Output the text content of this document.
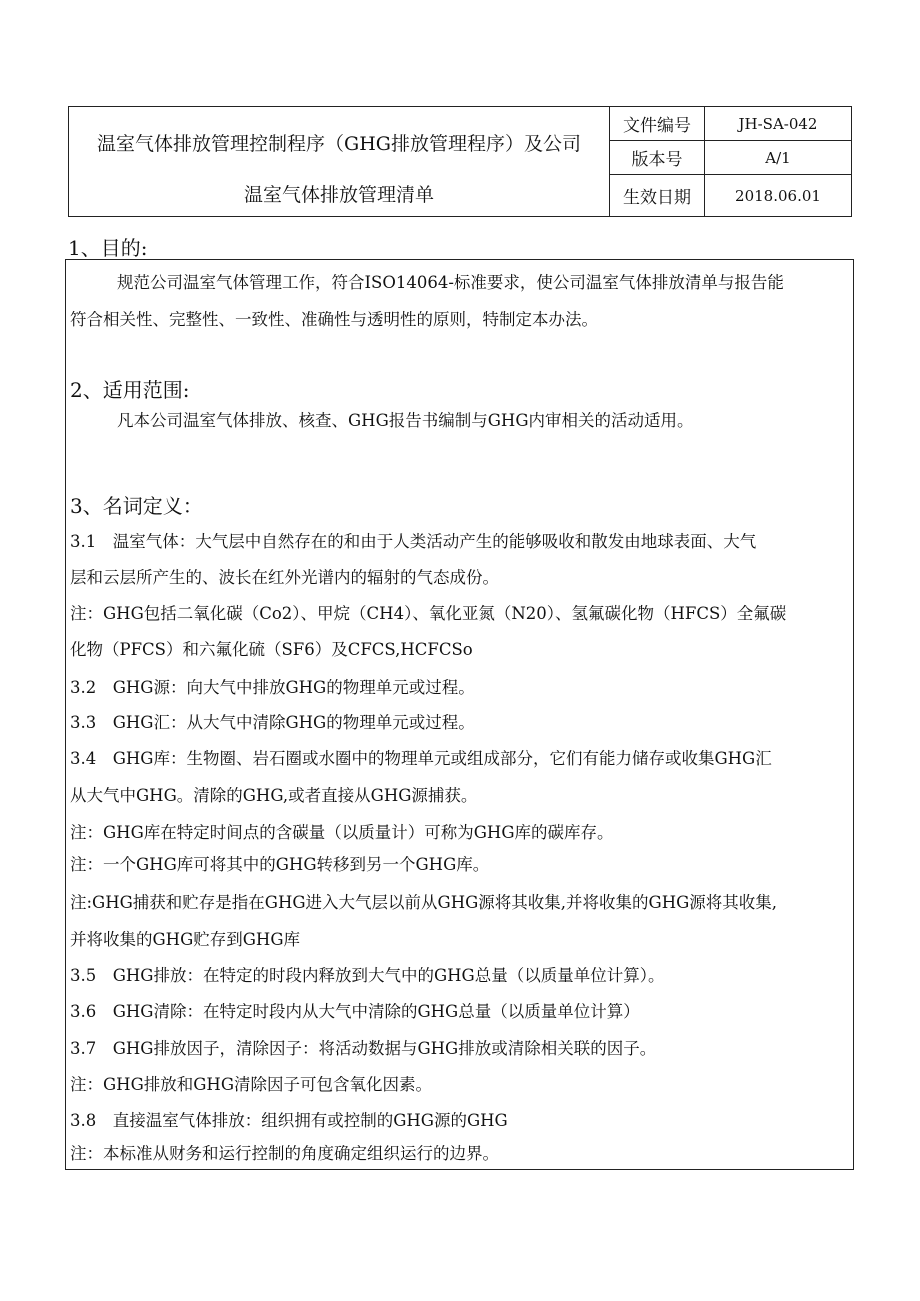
温室气体排放管理控制程序（GHG排放管理程序）及公司
温室气体排放管理清单
文件编号	JH-SA-042
版本号	A/1
生效日期	2018.06.01
1、目的:
规范公司温室气体管理工作，符合ISO14064-标准要求，使公司温室气体排放清单与报告能
符合相关性、完整性、一致性、准确性与透明性的原则，特制定本办法。
2、适用范围:
凡本公司温室气体排放、核查、GHG报告书编制与GHG内审相关的活动适用。
3、名词定义：
3.1　温室气体：大气层中自然存在的和由于人类活动产生的能够吸收和散发由地球表面、大气
层和云层所产生的、波长在红外光谱内的辐射的气态成份。
注：GHG包括二氧化碳（Co2）、甲烷（CH4）、氧化亚氮（N20）、氢氟碳化物（HFCS）全氟碳
化物（PFCS）和六氟化硫（SF6）及CFCS,HCFCSo
3.2　GHG源：向大气中排放GHG的物理单元或过程。
3.3　GHG汇：从大气中清除GHG的物理单元或过程。
3.4　GHG库：生物圈、岩石圈或水圈中的物理单元或组成部分，它们有能力储存或收集GHG汇
从大气中GHG。清除的GHG,或者直接从GHG源捕获。
注：GHG库在特定时间点的含碳量（以质量计）可称为GHG库的碳库存。
注：一个GHG库可将其中的GHG转移到另一个GHG库。
注:GHG捕获和贮存是指在GHG进入大气层以前从GHG源将其收集,并将收集的GHG源将其收集,
并将收集的GHG贮存到GHG库
3.5　GHG排放：在特定的时段内释放到大气中的GHG总量（以质量单位计算）。
3.6　GHG清除：在特定时段内从大气中清除的GHG总量（以质量单位计算）
3.7　GHG排放因子，清除因子：将活动数据与GHG排放或清除相关联的因子。
注：GHG排放和GHG清除因子可包含氧化因素。
3.8　直接温室气体排放：组织拥有或控制的GHG源的GHG
注：本标准从财务和运行控制的角度确定组织运行的边界。
